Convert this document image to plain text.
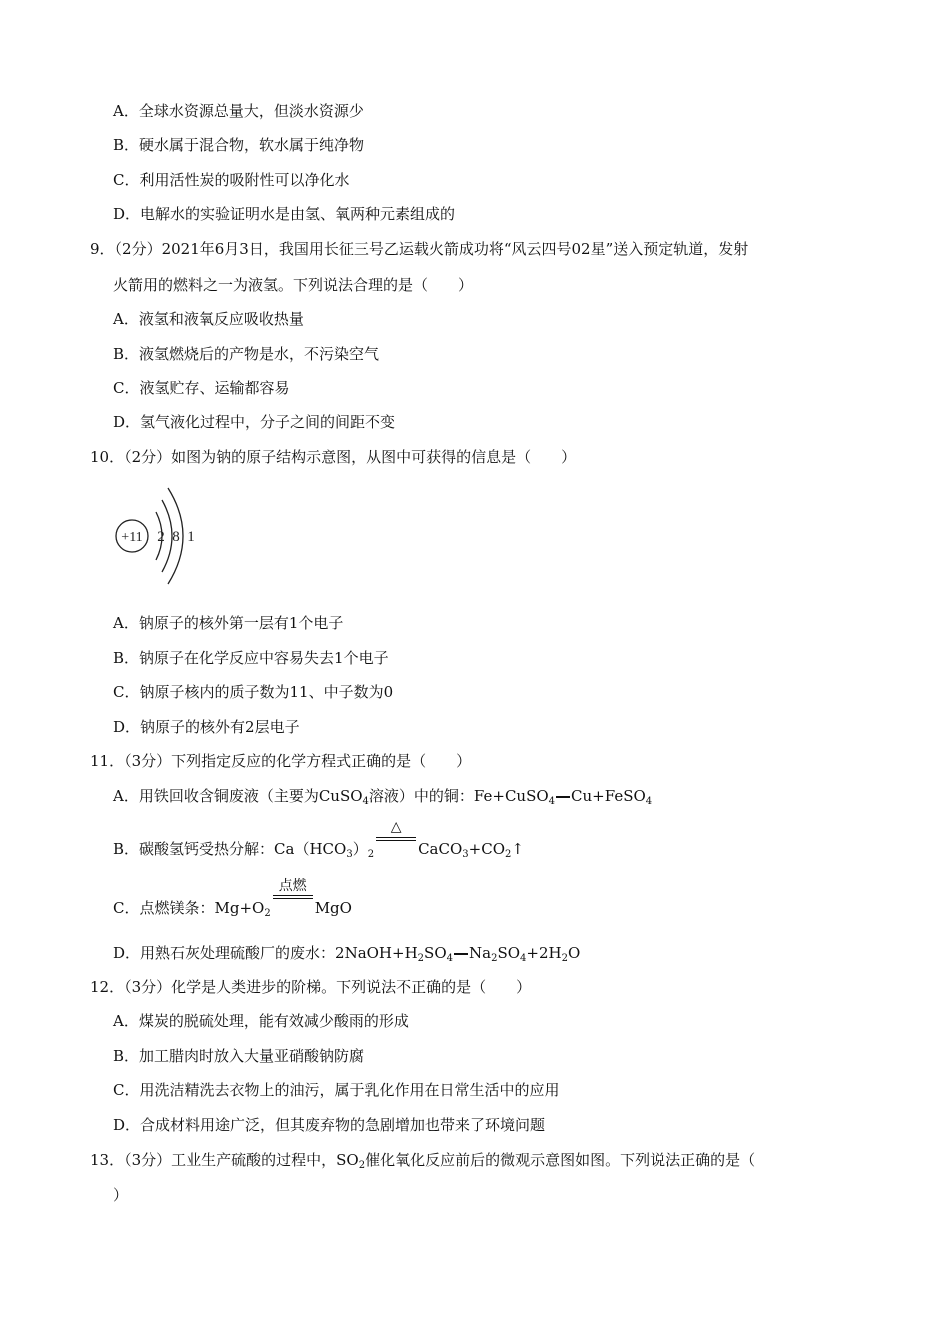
A．全球水资源总量大，但淡水资源少
B．硬水属于混合物，软水属于纯净物
C．利用活性炭的吸附性可以净化水
D．电解水的实验证明水是由氢、氧两种元素组成的
9．（2分）2021年6月3日，我国用长征三号乙运载火箭成功将“风云四号02星”送入预定轨道，发射
火箭用的燃料之一为液氢。下列说法合理的是（　　）
A．液氢和液氧反应吸收热量
B．液氢燃烧后的产物是水，不污染空气
C．液氢贮存、运输都容易
D．氢气液化过程中，分子之间的间距不变
10．（2分）如图为钠的原子结构示意图，从图中可获得的信息是（　　）
+11 2 8 1
A．钠原子的核外第一层有1个电子
B．钠原子在化学反应中容易失去1个电子
C．钠原子核内的质子数为11、中子数为0
D．钠原子的核外有2层电子
11．（3分）下列指定反应的化学方程式正确的是（　　）
A．用铁回收含铜废液（主要为CuSO$_4$溶液）中的铜：Fe+CuSO$_4$ Cu+FeSO$_4$
B．碳酸氢钙受热分解：$Ca(HCO_3)_2$
△
$CaCO_3+CO_2↑$
C．点燃镁条：$Mg+O_2$
点燃
MgO
D．用熟石灰处理硫酸厂的废水：$2NaOH+H_2SO_4$ $Na_2SO_4+2H_2O$
12．（3分）化学是人类进步的阶梯。下列说法不正确的是（　　）
A．煤炭的脱硫处理，能有效减少酸雨的形成
B．加工腊肉时放入大量亚硝酸钠防腐
C．用洗洁精洗去衣物上的油污，属于乳化作用在日常生活中的应用
D．合成材料用途广泛，但其废弃物的急剧增加也带来了环境问题
13．（3分）工业生产硫酸的过程中，$SO_2$催化氧化反应前后的微观示意图如图。下列说法正确的是（
）
